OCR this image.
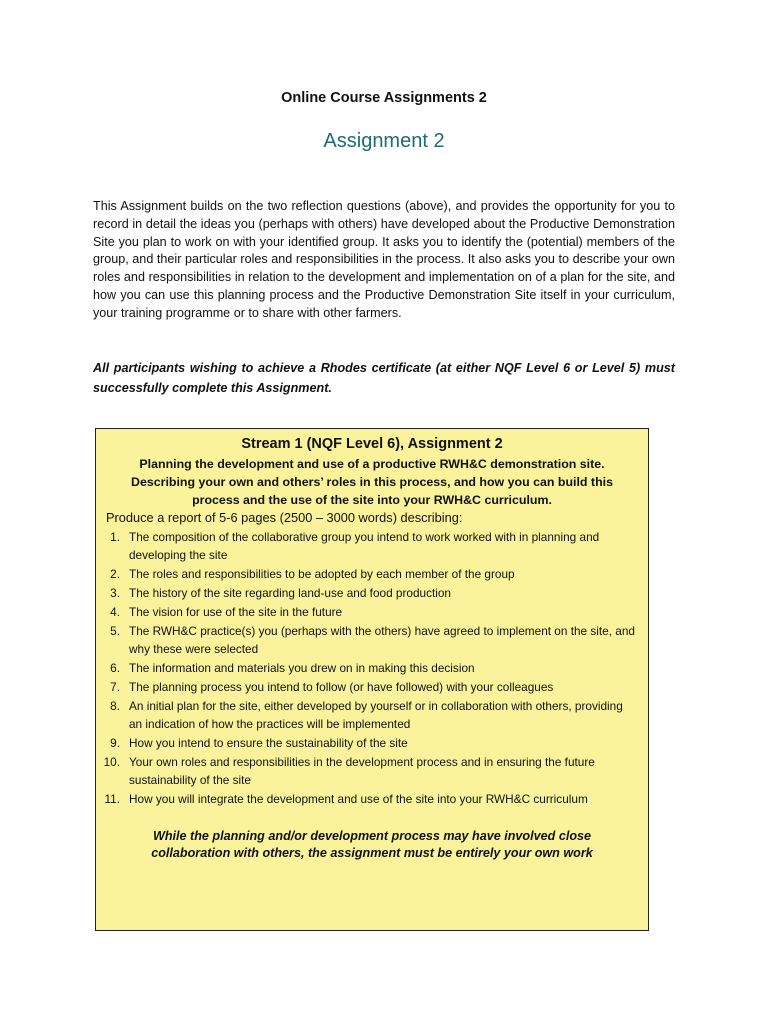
Online Course Assignments 2
Assignment 2

This Assignment builds on the two reflection questions (above), and provides the opportunity for you to record in detail the ideas you (perhaps with others) have developed about the Productive Demonstration Site you plan to work on with your identified group. It asks you to identify the (potential) members of the group, and their particular roles and responsibilities in the process. It also asks you to describe your own roles and responsibilities in relation to the development and implementation on of a plan for the site, and how you can use this planning process and the Productive Demonstration Site itself in your curriculum, your training programme or to share with other farmers.

All participants wishing to achieve a Rhodes certificate (at either NQF Level 6 or Level 5) must successfully complete this Assignment.

Stream 1 (NQF Level 6), Assignment 2
Planning the development and use of a productive RWH&C demonstration site. Describing your own and others’ roles in this process, and how you can build this process and the use of the site into your RWH&C curriculum.
Produce a report of 5-6 pages (2500 – 3000 words) describing:
1. The composition of the collaborative group you intend to work worked with in planning and developing the site
2. The roles and responsibilities to be adopted by each member of the group
3. The history of the site regarding land-use and food production
4. The vision for use of the site in the future
5. The RWH&C practice(s) you (perhaps with the others) have agreed to implement on the site, and why these were selected
6. The information and materials you drew on in making this decision
7. The planning process you intend to follow (or have followed) with your colleagues
8. An initial plan for the site, either developed by yourself or in collaboration with others, providing an indication of how the practices will be implemented
9. How you intend to ensure the sustainability of the site
10. Your own roles and responsibilities in the development process and in ensuring the future sustainability of the site
11. How you will integrate the development and use of the site into your RWH&C curriculum
While the planning and/or development process may have involved close collaboration with others, the assignment must be entirely your own work
